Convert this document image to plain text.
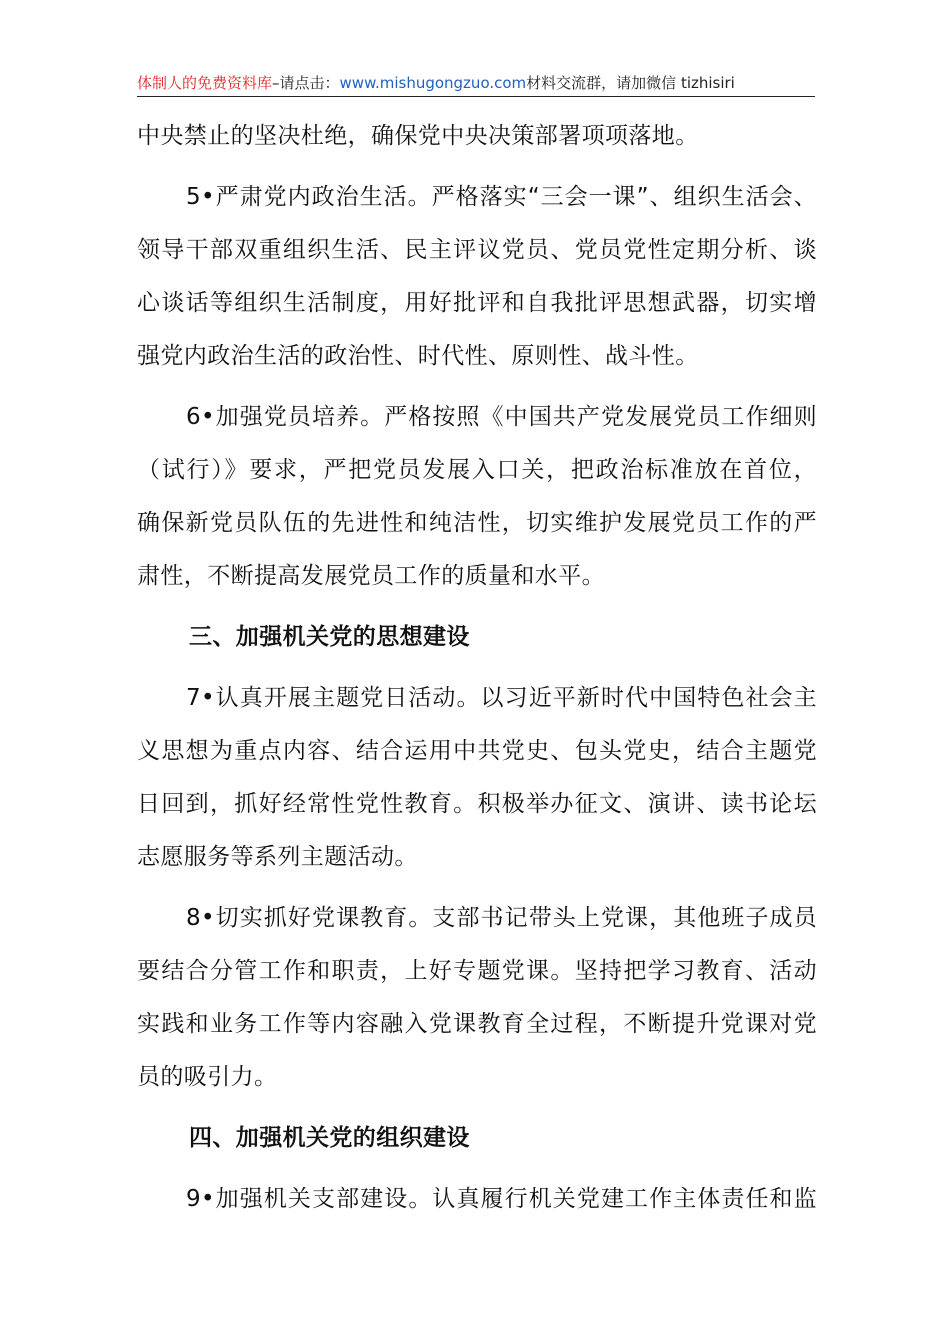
体制人的免费资料库–请点击：www.mishugongzuo.com材料交流群，请加微信 tizhisiri
中央禁止的坚决杜绝，确保党中央决策部署项项落地。
5•严肃党内政治生活。严格落实“三会一课”、组织生活会、
领导干部双重组织生活、民主评议党员、党员党性定期分析、谈
心谈话等组织生活制度，用好批评和自我批评思想武器，切实增
强党内政治生活的政治性、时代性、原则性、战斗性。
6•加强党员培养。严格按照《中国共产党发展党员工作细则
（试行）》要求，严把党员发展入口关，把政治标准放在首位，
确保新党员队伍的先进性和纯洁性，切实维护发展党员工作的严
肃性，不断提高发展党员工作的质量和水平。
三、加强机关党的思想建设
7•认真开展主题党日活动。以习近平新时代中国特色社会主
义思想为重点内容、结合运用中共党史、包头党史，结合主题党
日回到，抓好经常性党性教育。积极举办征文、演讲、读书论坛
志愿服务等系列主题活动。
8•切实抓好党课教育。支部书记带头上党课，其他班子成员
要结合分管工作和职责，上好专题党课。坚持把学习教育、活动
实践和业务工作等内容融入党课教育全过程，不断提升党课对党
员的吸引力。
四、加强机关党的组织建设
9•加强机关支部建设。认真履行机关党建工作主体责任和监
